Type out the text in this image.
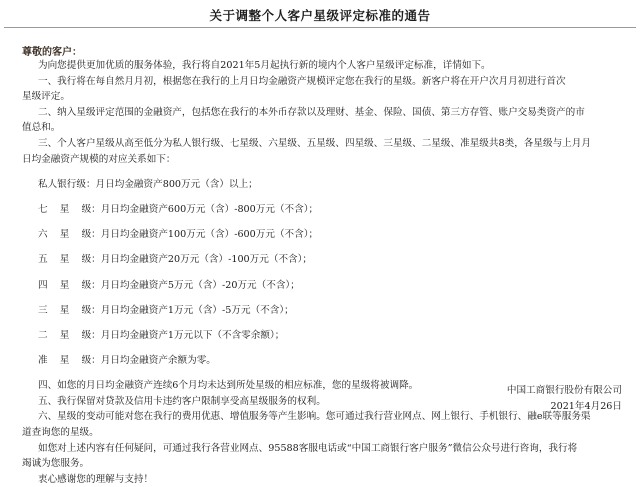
关于调整个人客户星级评定标准的通告
尊敬的客户：

为向您提供更加优质的服务体验，我行将自2021年5月起执行新的境内个人客户星级评定标准，详情如下。

一、我行将在每自然月月初，根据您在我行的上月日均金融资产规模评定您在我行的星级。新客户将在开户次月月初进行首次

星级评定。

二、纳入星级评定范围的金融资产，包括您在我行的本外币存款以及理财、基金、保险、国债、第三方存管、账户交易类资产的市

值总和。

三、个人客户星级从高至低分为私人银行级、七星级、六星级、五星级、四星级、三星级、二星级、准星级共8类，各星级与上月月

日均金融资产规模的对应关系如下：

私人银行级：月日均金融资产800万元（含）以上；

七    星    级：月日均金融资产600万元（含）-800万元（不含）；

六    星    级：月日均金融资产100万元（含）-600万元（不含）；

五    星    级：月日均金融资产20万元（含）-100万元（不含）；

四    星    级：月日均金融资产5万元（含）-20万元（不含）；

三    星    级：月日均金融资产1万元（含）-5万元（不含）；

二    星    级：月日均金融资产1万元以下（不含零余额）；

准    星    级：月日均金融资产余额为零。

四、如您的月日均金融资产连续6个月均未达到所处星级的相应标准，您的星级将被调降。

五、我行保留对贷款及信用卡违约客户限制享受高星级服务的权利。

六、星级的变动可能对您在我行的费用优惠、增值服务等产生影响。您可通过我行营业网点、网上银行、手机银行、融e联等服务渠

道查询您的星级。

如您对上述内容有任何疑问，可通过我行各营业网点、95588客服电话或“中国工商银行客户服务”微信公众号进行咨询，我行将

竭诚为您服务。

衷心感谢您的理解与支持！

中国工商银行股份有限公司
2021年4月26日
